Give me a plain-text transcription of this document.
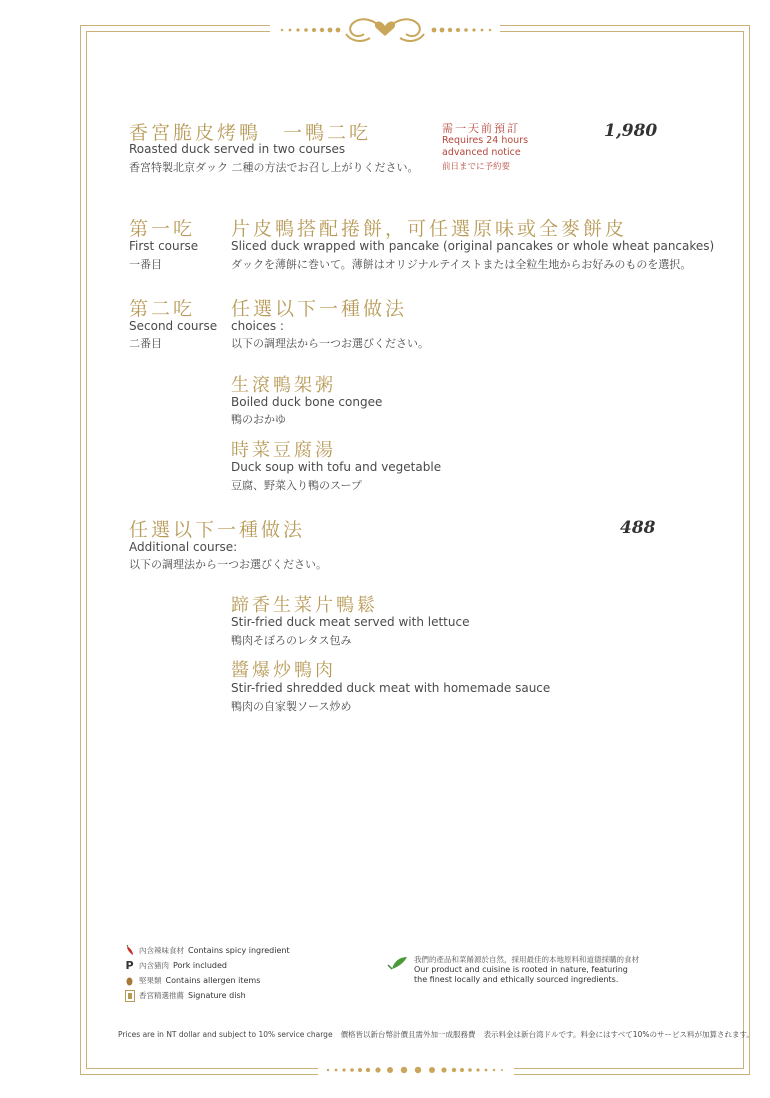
香宮脆皮烤鴨　一鴨二吃
Roasted duck served in two courses
香宮特製北京ダック 二種の方法でお召し上がりください。
需一天前預訂
Requires 24 hours
advanced notice
前日までに予約要
1,980
第一吃
First course
一番目
片皮鴨搭配捲餅，可任選原味或全麥餅皮
Sliced duck wrapped with pancake (original pancakes or whole wheat pancakes)
ダックを薄餅に巻いて。薄餅はオリジナルテイストまたは全粒生地からお好みのものを選択。
第二吃
Second course
二番目
任選以下一種做法
choices :
以下の調理法から一つお選びください。
生滾鴨架粥
Boiled duck bone congee
鴨のおかゆ
時菜豆腐湯
Duck soup with tofu and vegetable
豆腐、野菜入り鴨のスープ
任選以下一種做法
Additional course:
以下の調理法から一つお選びください。
488
蹄香生菜片鴨鬆
Stir-fried duck meat served with lettuce
鴨肉そぼろのレタス包み
醬爆炒鴨肉
Stir-fried shredded duck meat with homemade sauce
鴨肉の自家製ソース炒め
內含辣味食材 Contains spicy ingredient
P 內含豬肉 Pork included
堅果類 Contains allergen items
香宮精選推薦 Signature dish
我們的產品和菜餚源於自然，採用最佳的本地原料和道德採購的食材
Our product and cuisine is rooted in nature, featuring
the finest locally and ethically sourced ingredients.
Prices are in NT dollar and subject to 10% service charge 價格皆以新台幣計價且需外加一成服務費 表示料金は新台湾ドルです。料金にはすべて10%のサービス料が加算されます。
